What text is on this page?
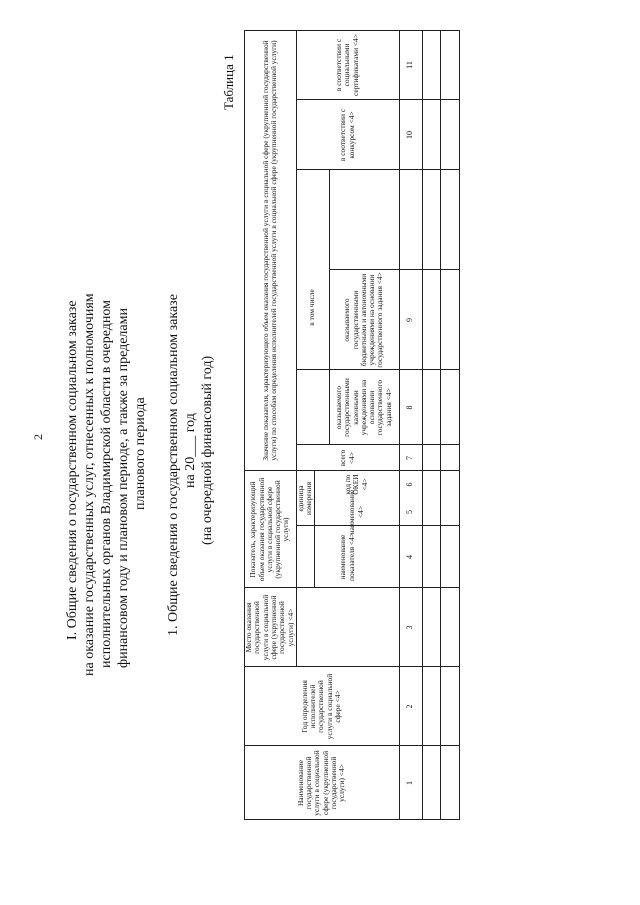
2 I. Общие сведения о государственном социальном заказе на оказание государственных услуг, отнесенных к полномочиям исполнительных органов Владимирской области в очередном финансовом году и плановом периоде, а также за пределами планового периода 1. Общие сведения о государственном социальном заказе на 20___ год (на очередной финансовый год)
Таблица 1
Наименование государственной услуги в социальной сфере (укрупненной государственной услуги) <4>
Год определения исполнителей государственной услуги в социальной сфере <4>
Место оказания государственной услуги в социальной сфере (укрупненной государственной услуги) <4>
Показатель, характеризующий объем оказания государственной услуги в социальной сфере (укрупненной государственной услуги)
наименование показателя <4>
единица измерения	наименование <4>
код по ОКЕИ <4>
Значение показателя, характеризующего объем оказания государственной услуги в социальной сфере (укрупненной государственной услуги) по способам определения исполнителей государственной услуги в социальной сфере (укрупненной государственной услуги)	всего <4>
в том числе
оказываемого государственными казенными учреждениями на основании государственного задания <4>
оказываемого государственными бюджетными и автономными учреждениями на основании государственного задания <4>
в соответствии с конкурсом <4>
в соответствии с социальными сертификатами <4>
1
2
3
4
5
6
7
8
9
10
11
